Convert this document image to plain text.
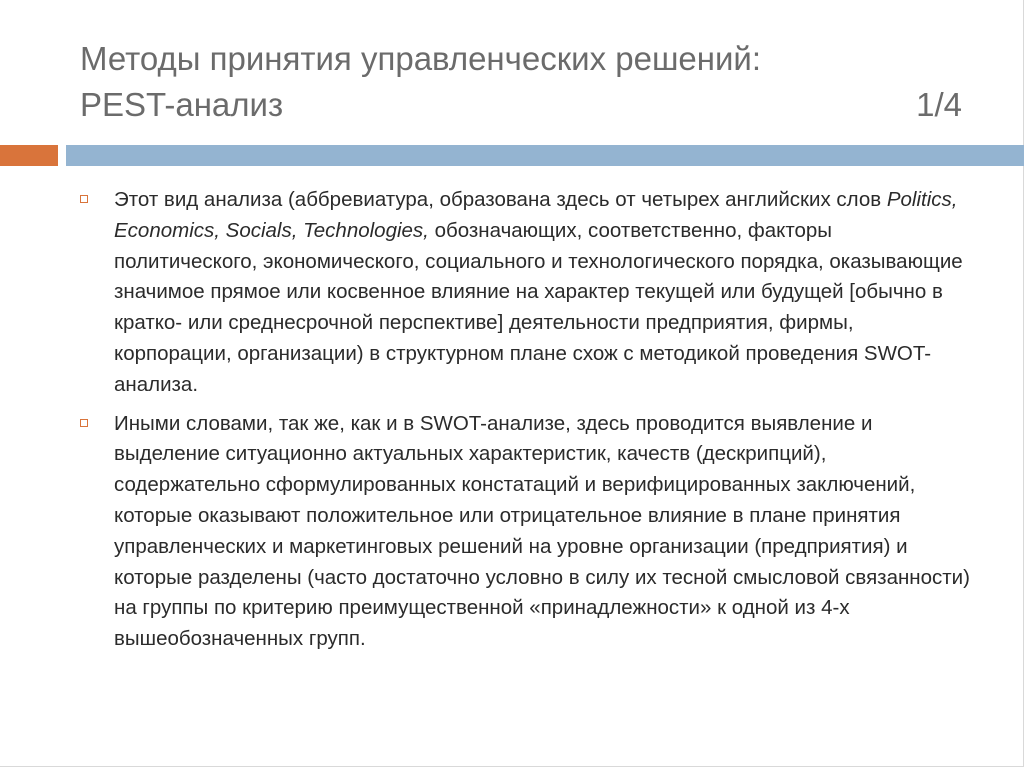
Методы принятия управленческих решений:
PEST-анализ	1/4
Этот вид анализа (аббревиатура, образована здесь от четырех английских слов Politics, Economics, Socials, Technologies, обозначающих, соответственно, факторы политического, экономического, социального и технологического порядка, оказывающие значимое прямое или косвенное влияние на характер текущей или будущей [обычно в кратко- или среднесрочной перспективе] деятельности предприятия, фирмы, корпорации, организации) в структурном плане схож с методикой проведения SWOT-анализа.
Иными словами, так же, как и в SWOT-анализе, здесь проводится выявление и выделение ситуационно актуальных характеристик, качеств (дескрипций), содержательно сформулированных констатаций и верифицированных заключений, которые оказывают положительное или отрицательное влияние в плане принятия управленческих и маркетинговых решений на уровне организации (предприятия) и которые разделены (часто достаточно условно в силу их тесной смысловой связанности) на группы по критерию преимущественной «принадлежности» к одной из 4-х вышеобозначенных групп.
